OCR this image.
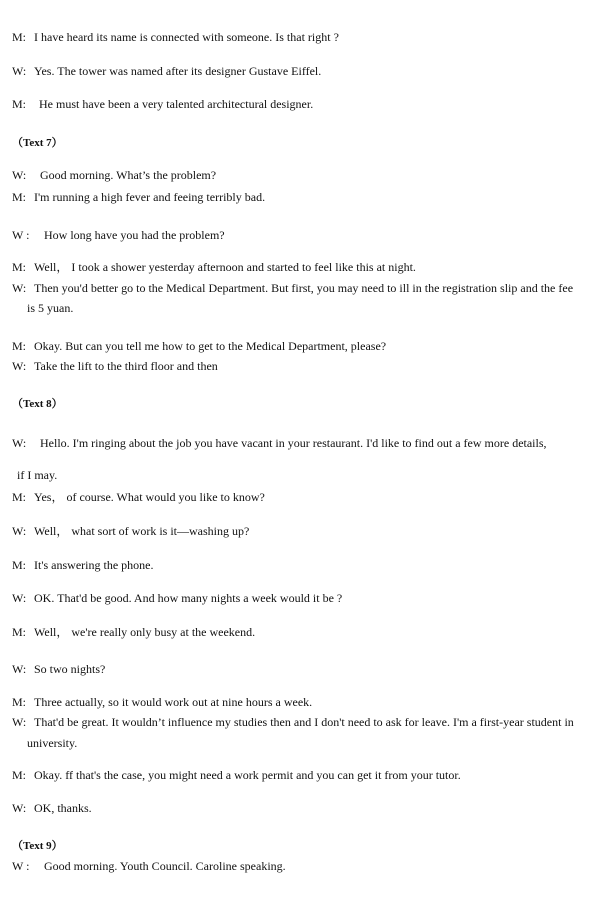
M: I have heard its name is connected with someone. Is that right ?
W: Yes. The tower was named after its designer Gustave Eiffel.
M: He must have been a very talented architectural designer.
（Text 7）
W: Good morning. What’s the problem?
M: I'm running a high fever and feeing terribly bad.
W : How long have you had the problem?
M: Well， I took a shower yesterday afternoon and started to feel like this at night.
W: Then you'd better go to the Medical Department. But first, you may need to ill in the registration slip and the fee
is 5 yuan.
M: Okay. But can you tell me how to get to the Medical Department, please?
W: Take the lift to the third floor and then
（Text 8）
W: Hello. I'm ringing about the job you have vacant in your restaurant. I'd like to find out a few more details,
if I may.
M: Yes， of course. What would you like to know?
W: Well， what sort of work is it—washing up?
M: It's answering the phone.
W: OK. That'd be good. And how many nights a week would it be ?
M: Well， we're really only busy at the weekend.
W: So two nights?
M: Three actually, so it would work out at nine hours a week.
W: That'd be great. It wouldn’t influence my studies then and I don't need to ask for leave. I'm a first-year student in
university.
M: Okay. ff that's the case, you might need a work permit and you can get it from your tutor.
W: OK, thanks.
（Text 9）
W : Good morning. Youth Council. Caroline speaking.
